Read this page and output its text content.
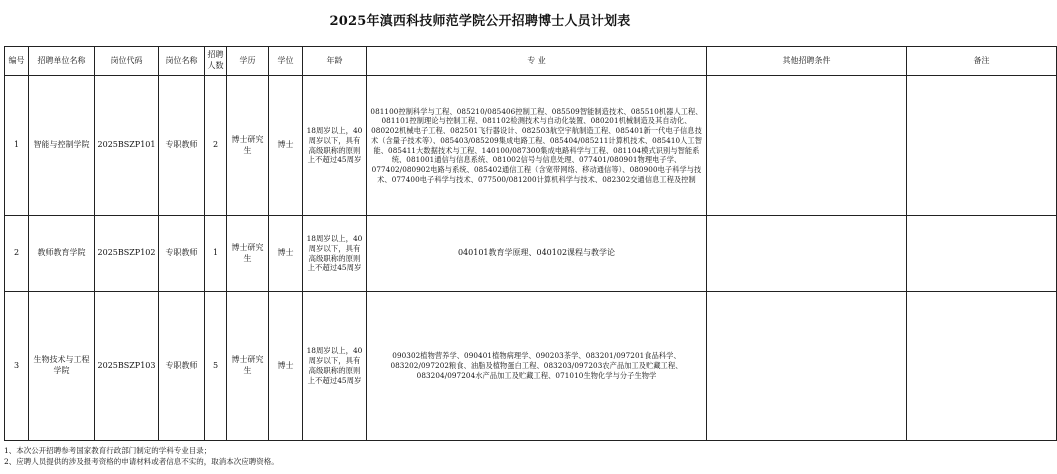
2025年滇西科技师范学院公开招聘博士人员计划表
编号	招聘单位名称	岗位代码	岗位名称	招聘人数	学历	学位	年龄	专 业	其他招聘条件	备注
1	智能与控制学院	2025BSZP101	专职教师	2	博士研究生	博士	18周岁以上，40周岁以下，具有高级职称的原则上不超过45周岁	081100控制科学与工程、085210/085406控制工程、085509智能制造技术、085510机器人工程、081101控制理论与控制工程、081102检测技术与自动化装置、080201机械制造及其自动化、080202机械电子工程、082501飞行器设计、082503航空宇航制造工程、085401新一代电子信息技术（含量子技术等）、085403/085209集成电路工程、085404/085211计算机技术、085410人工智能、085411大数据技术与工程、140100/087300集成电路科学与工程、081104模式识别与智能系统、081001通信与信息系统、081002信号与信息处理、077401/080901物理电子学、077402/080902电路与系统、085402通信工程（含宽带网络、移动通信等）、080900电子科学与技术、077400电子科学与技术、077500/081200计算机科学与技术、082302交通信息工程及控制		
2	教师教育学院	2025BSZP102	专职教师	1	博士研究生	博士	18周岁以上，40周岁以下，具有高级职称的原则上不超过45周岁	040101教育学原理、040102课程与教学论		
3	生物技术与工程学院	2025BSZP103	专职教师	5	博士研究生	博士	18周岁以上，40周岁以下，具有高级职称的原则上不超过45周岁	090302植物营养学、090401植物病理学、090203茶学、083201/097201食品科学、083202/097202粮食、油脂及植物蛋白工程、083203/097203农产品加工及贮藏工程、083204/097204水产品加工及贮藏工程、071010生物化学与分子生物学		
1、本次公开招聘参考国家教育行政部门制定的学科专业目录；
2、应聘人员提供的涉及报考资格的申请材料或者信息不实的，取消本次应聘资格。
